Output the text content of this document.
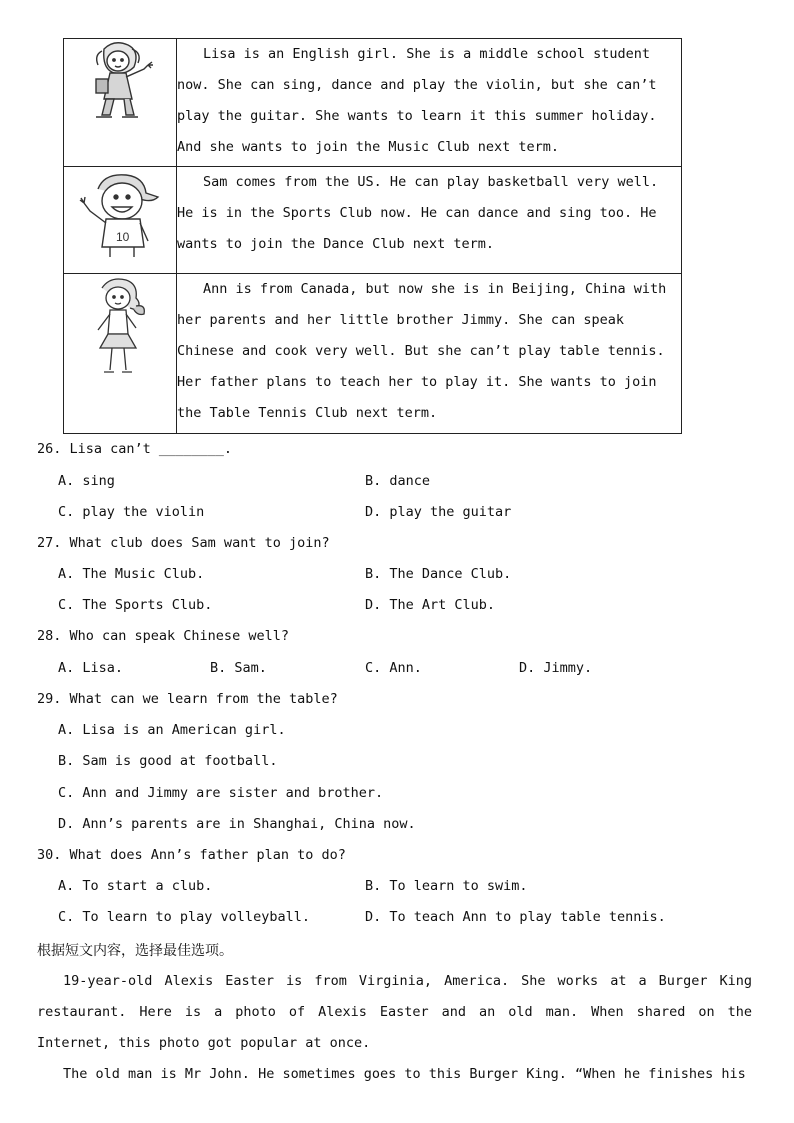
Lisa is an English girl. She is a middle school student now. She can sing, dance and play the violin, but she can’t play the guitar. She wants to learn it this summer holiday. And she wants to join the Music Club next term.

10	Sam comes from the US. He can play basketball very well. He is in the Sports Club now. He can dance and sing too. He wants to join the Dance Club next term.

Ann is from Canada, but now she is in Beijing, China with her parents and her little brother Jimmy. She can speak Chinese and cook very well. But she can’t play table tennis. Her father plans to teach her to play it. She wants to join the Table Tennis Club next term.

26. Lisa can’t ________.
A. sing	B. dance
C. play the violin	D. play the guitar
27. What club does Sam want to join?
A. The Music Club.	B. The Dance Club.
C. The Sports Club.	D. The Art Club.
28. Who can speak Chinese well?
A. Lisa.	B. Sam.	C. Ann.	D. Jimmy.
29. What can we learn from the table?
A. Lisa is an American girl.
B. Sam is good at football.
C. Ann and Jimmy are sister and brother.
D. Ann’s parents are in Shanghai, China now.
30. What does Ann’s father plan to do?
A. To start a club.	B. To learn to swim.
C. To learn to play volleyball.	D. To teach Ann to play table tennis.
根据短文内容，选择最佳选项。

19-year-old Alexis Easter is from Virginia, America. She works at a Burger King restaurant. Here is a photo of Alexis Easter and an old man. When shared on the Internet, this photo got popular at once.

The old man is Mr John. He sometimes goes to this Burger King. “When he finishes his
